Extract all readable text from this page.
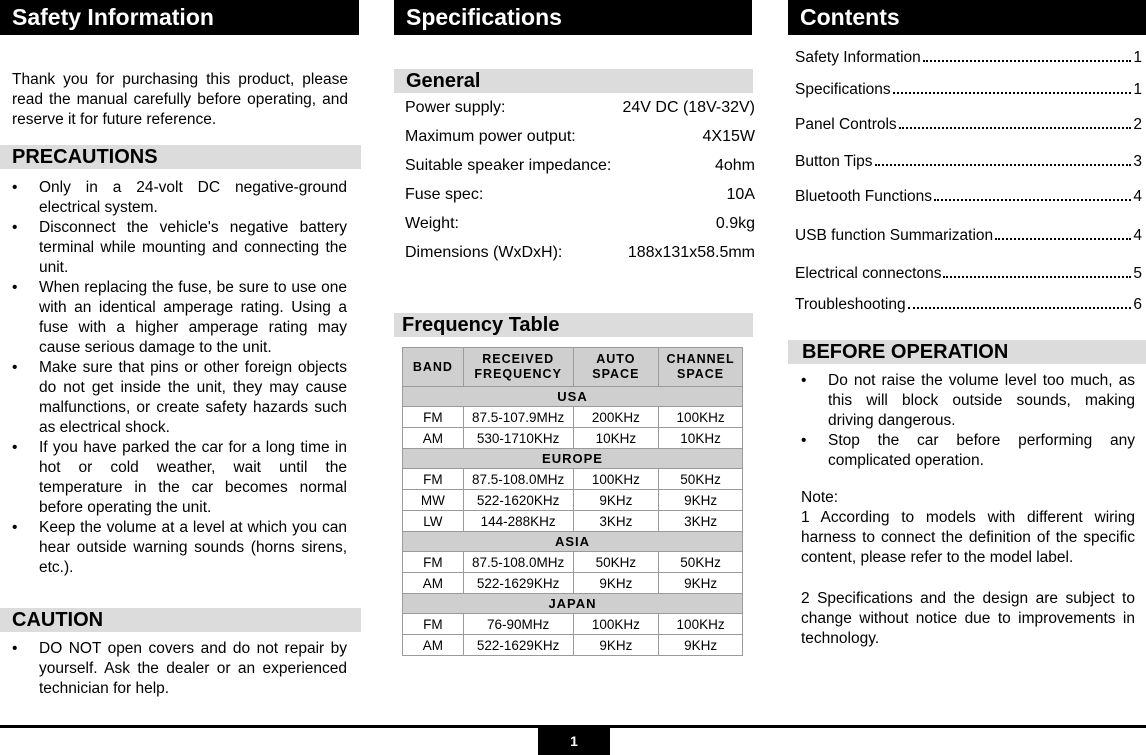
Safety Information
Thank you for purchasing this product, please read the manual carefully before operating, and reserve it for future reference.
PRECAUTIONS
• Only in a 24-volt DC negative-ground electrical system.
• Disconnect the vehicle's negative battery terminal while mounting and connecting the unit.
• When replacing the fuse, be sure to use one with an identical amperage rating. Using a fuse with a higher amperage rating may cause serious damage to the unit.
• Make sure that pins or other foreign objects do not get inside the unit, they may cause malfunctions, or create safety hazards such as electrical shock.
• If you have parked the car for a long time in hot or cold weather, wait until the temperature in the car becomes normal before operating the unit.
• Keep the volume at a level at which you can hear outside warning sounds (horns sirens, etc.).
CAUTION
• DO NOT open covers and do not repair by yourself. Ask the dealer or an experienced technician for help.
Specifications
General
Power supply:	24V DC (18V-32V)
Maximum power output:	4X15W
Suitable speaker impedance:	4ohm
Fuse spec:	10A
Weight:	0.9kg
Dimensions (WxDxH):	188x131x58.5mm
Frequency Table
BAND	RECEIVED FREQUENCY	AUTO SPACE	CHANNEL SPACE
USA			
FM	87.5-107.9MHz	200KHz	100KHz
AM	530-1710KHz	10KHz	10KHz
EUROPE			
FM	87.5-108.0MHz	100KHz	50KHz
MW	522-1620KHz	9KHz	9KHz
LW	144-288KHz	3KHz	3KHz
ASIA			
FM	87.5-108.0MHz	50KHz	50KHz
AM	522-1629KHz	9KHz	9KHz
JAPAN			
FM	76-90MHz	100KHz	100KHz
AM	522-1629KHz	9KHz	9KHz
Contents
Safety Information	1
Specifications	1
Panel Controls	2
Button Tips	3
Bluetooth Functions	4
USB function Summarization	4
Electrical connectons	5
Troubleshooting	6
BEFORE OPERATION
• Do not raise the volume level too much, as this will block outside sounds, making driving dangerous.
• Stop the car before performing any complicated operation.
Note:
1 According to models with different wiring harness to connect the definition of the specific content, please refer to the model label.
2 Specifications and the design are subject to change without notice due to improvements in technology.
1
